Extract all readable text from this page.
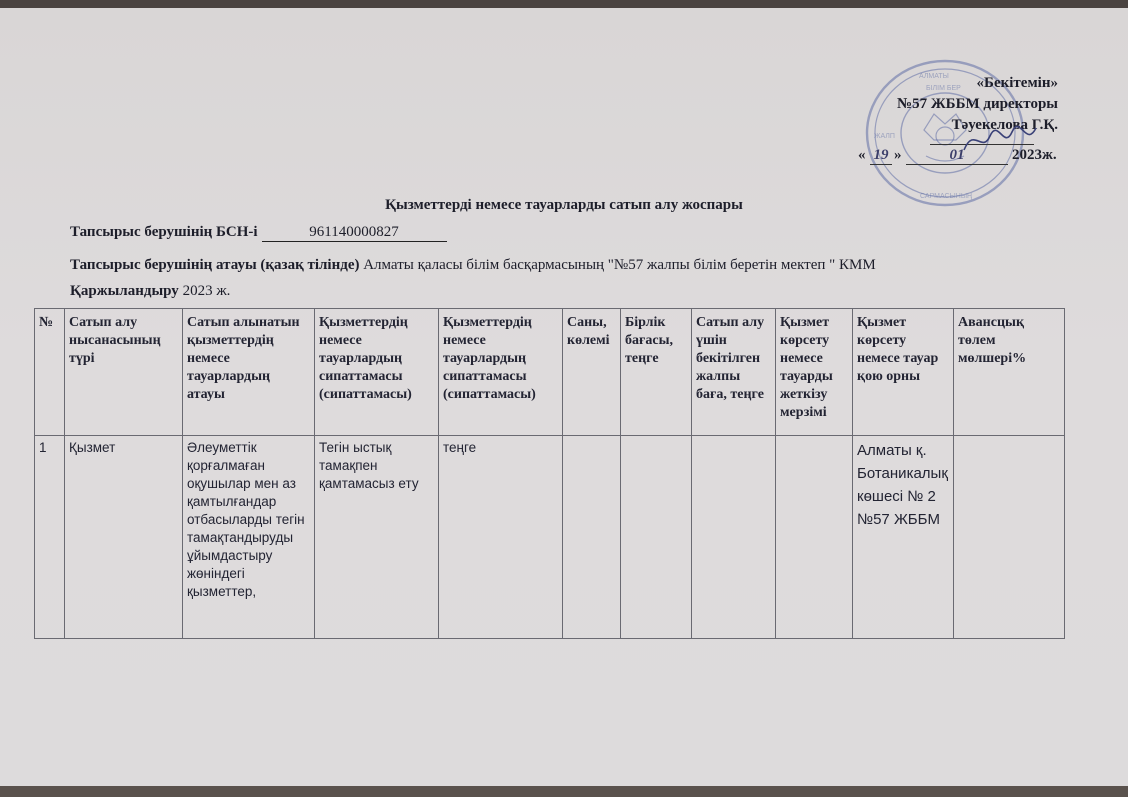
АЛМАТЫ
БІЛІМ БЕР
ЖАЛП
САРМАСЫНЫҢ
«Бекітемін»
№57 ЖББМ директоры
Тәуекелова Г.Қ.
« 19 »	01	2023ж.
Қызметтерді немесе тауарларды сатып алу жоспары
Тапсырыс берушінің БСН-і	961140000827
Тапсырыс берушінің атауы (қазақ тілінде) Алматы қаласы білім басқармасының "№57 жалпы білім беретін мектеп " КММ
Қаржыландыру 2023 ж.
№	Сатып алу нысанасының түрі	Сатып алынатын қызметтердің немесе тауарлардың атауы	Қызметтердің немесе тауарлардың сипаттамасы (сипаттамасы)	Қызметтердің немесе тауарлардың сипаттамасы (сипаттамасы)	Саны, көлемі	Бірлік бағасы, теңге	Сатып алу үшін бекітілген жалпы баға, теңге	Қызмет көрсету немесе тауарды жеткізу мерзімі	Қызмет көрсету немесе тауар қою орны	Авансцық төлем мөлшері%
1	Қызмет	Әлеуметтік қорғалмаған оқушылар мен аз қамтылғандар отбасыларды тегін тамақтандыруды ұйымдастыру жөніндегі қызметтер,	Тегін ыстық тамақпен қамтамасыз ету	теңге					Алматы қ. Ботаникалық көшесі № 2 №57 ЖББМ	
